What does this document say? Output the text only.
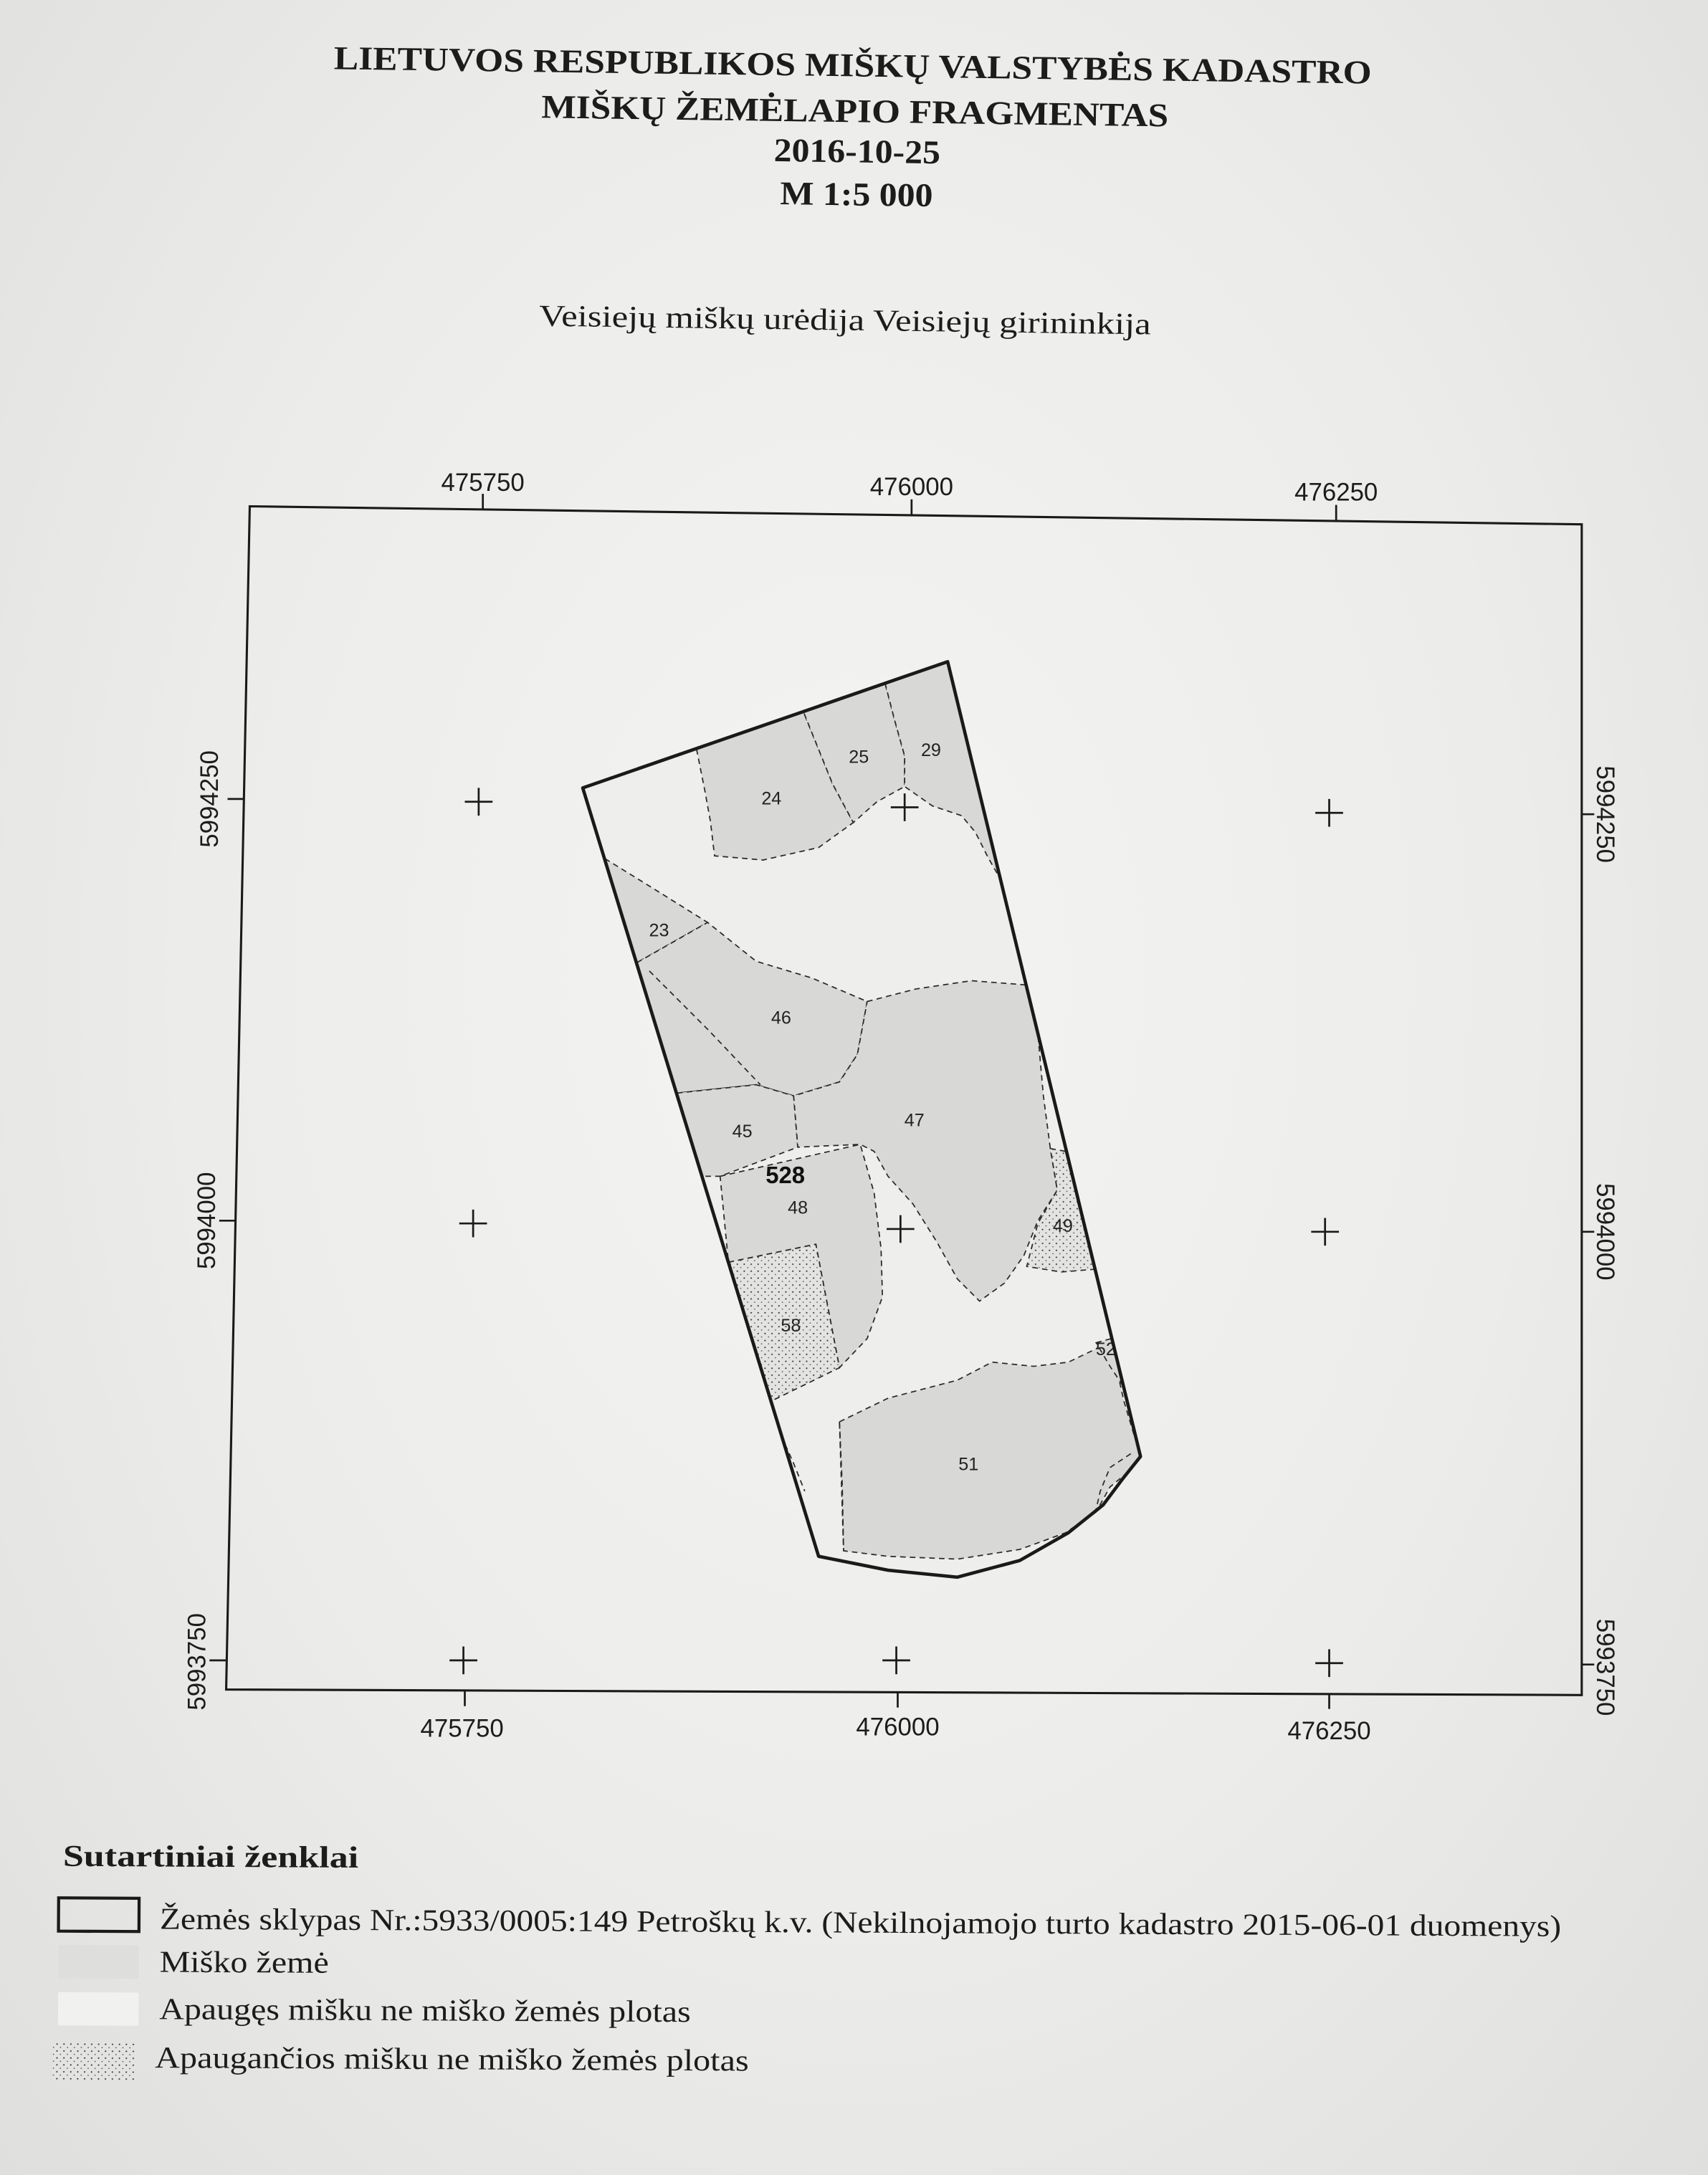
LIETUVOS RESPUBLIKOS MIŠKŲ VALSTYBĖS KADASTRO
MIŠKŲ ŽEMĖLAPIO FRAGMENTAS
2016-10-25
M 1:5 000
Veisiejų miškų urėdija Veisiejų girininkija
475750	476000	476250
475750	476000	476250
5994250
5994000
5993750
5994250
5994000
5993750
24
25	29
23
46
47
45
48
49
58
52
51
528
Sutartiniai ženklai
Žemės sklypas Nr.:5933/0005:149 Petroškų k.v. (Nekilnojamojo turto kadastro 2015-06-01 duomenys)
Miško žemė
Apaugęs mišku ne miško žemės plotas
Apaugančios mišku ne miško žemės plotas
